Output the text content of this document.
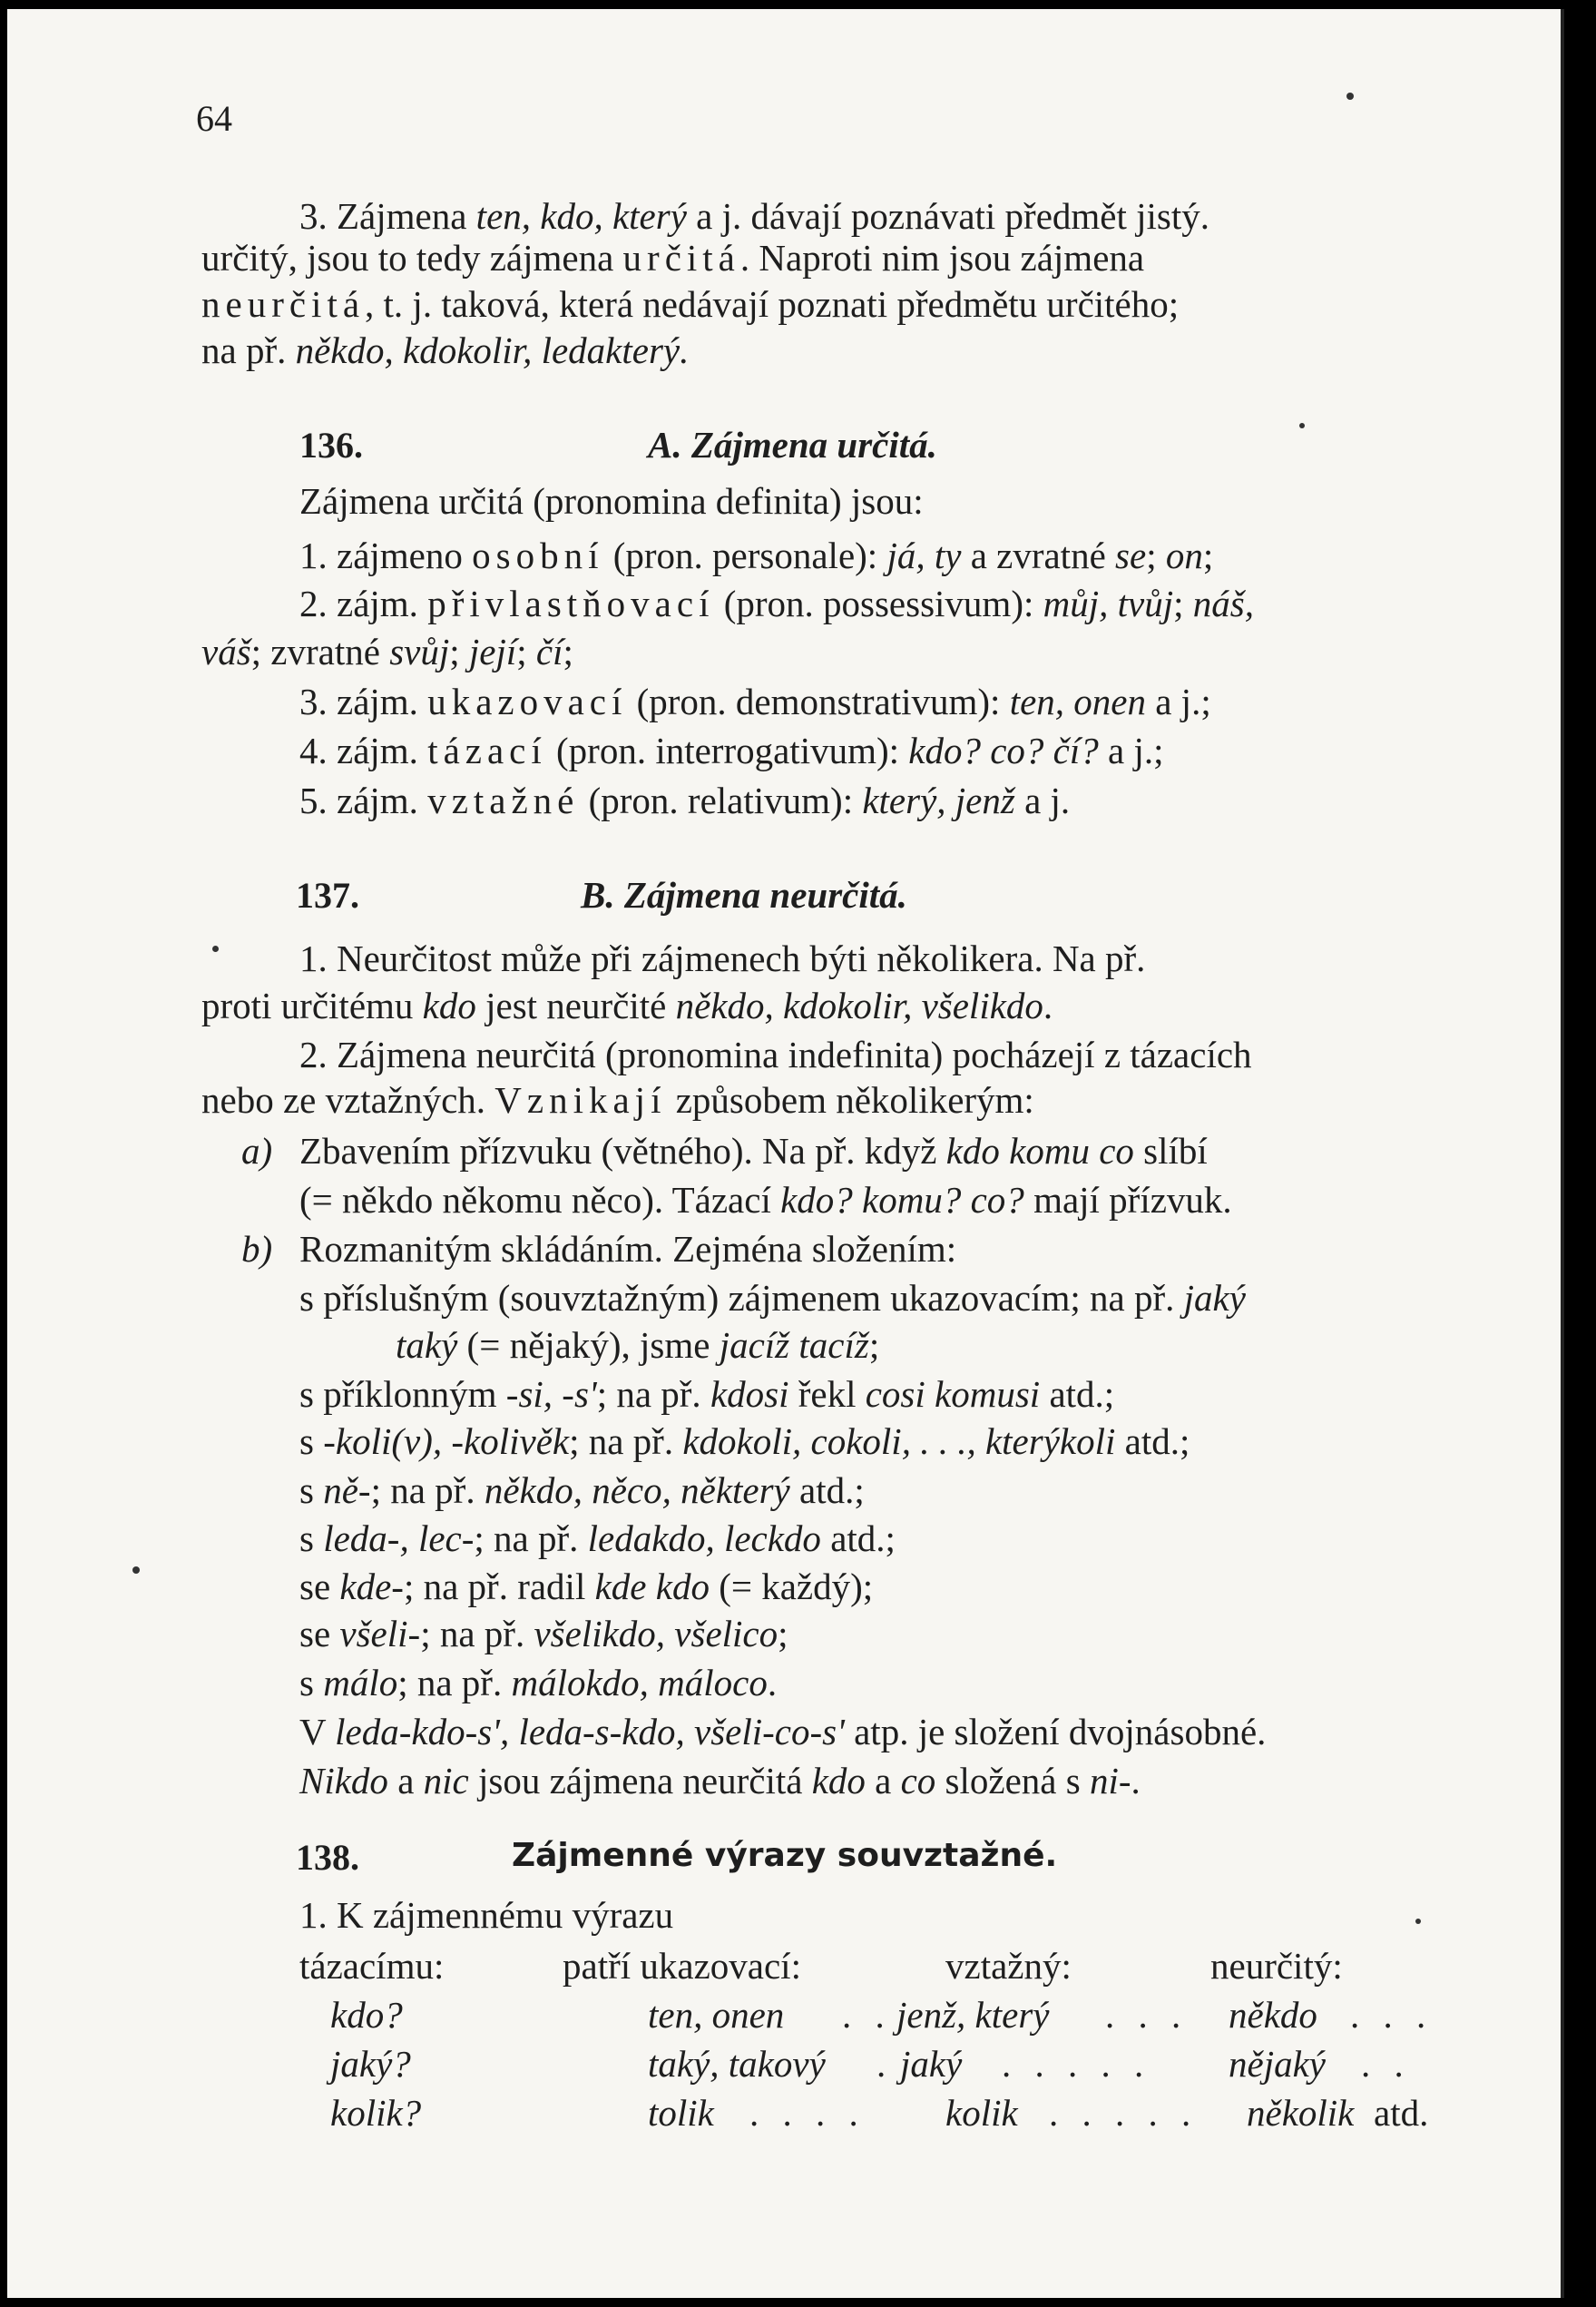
64
3. Zájmena ten, kdo, který a j. dávají poznávati předmět jistý.
určitý, jsou to tedy zájmena určitá. Naproti nim jsou zájmena
neurčitá, t. j. taková, která nedávají poznati předmětu určitého;
na př. někdo, kdokolir, ledakterý.
136.	A. Zájmena určitá.
Zájmena určitá (pronomina definita) jsou:
1. zájmeno osobní (pron. personale): já, ty a zvratné se; on;
2. zájm. přivlastňovací (pron. possessivum): můj, tvůj; náš,
váš; zvratné svůj; její; čí;
3. zájm. ukazovací (pron. demonstrativum): ten, onen a j.;
4. zájm. tázací (pron. interrogativum): kdo? co? čí? a j.;
5. zájm. vztažné (pron. relativum): který, jenž a j.
137.	B. Zájmena neurčitá.
1. Neurčitost může při zájmenech býti několikera. Na př.
proti určitému kdo jest neurčité někdo, kdokolir, všelikdo.
2. Zájmena neurčitá (pronomina indefinita) pocházejí z tázacích
nebo ze vztažných. Vznikají způsobem několikerým:
a) Zbavením přízvuku (větného). Na př. když kdo komu co slíbí
(= někdo někomu něco). Tázací kdo? komu? co? mají přízvuk.
b) Rozmanitým skládáním. Zejména složením:
s příslušným (souvztažným) zájmenem ukazovacím; na př. jaký
taký (= nějaký), jsme jacíž tacíž;
s příklonným -si, -s'; na př. kdosi řekl cosi komusi atd.;
s -koli(v), -kolivěk; na př. kdokoli, cokoli, . . ., kterýkoli atd.;
s ně-; na př. někdo, něco, některý atd.;
s leda-, lec-; na př. ledakdo, leckdo atd.;
se kde-; na př. radil kde kdo (= každý);
se všeli-; na př. všelikdo, všelico;
s málo; na př. málokdo, máloco.
V leda-kdo-s', leda-s-kdo, všeli-co-s' atp. je složení dvojnásobné.
Nikdo a nic jsou zájmena neurčitá kdo a co složená s ni-.
138.	Zájmenné výrazy souvztažné.
1. K zájmennému výrazu
tázacímu:	patří ukazovací:	vztažný:	neurčitý:
kdo?	ten, onen . . jenž, který . . . někdo . . .
jaký?	taký, takový . jaký . . . . . nějaký . .
kolik?	tolik . . . . kolik . . . . . několik atd.
